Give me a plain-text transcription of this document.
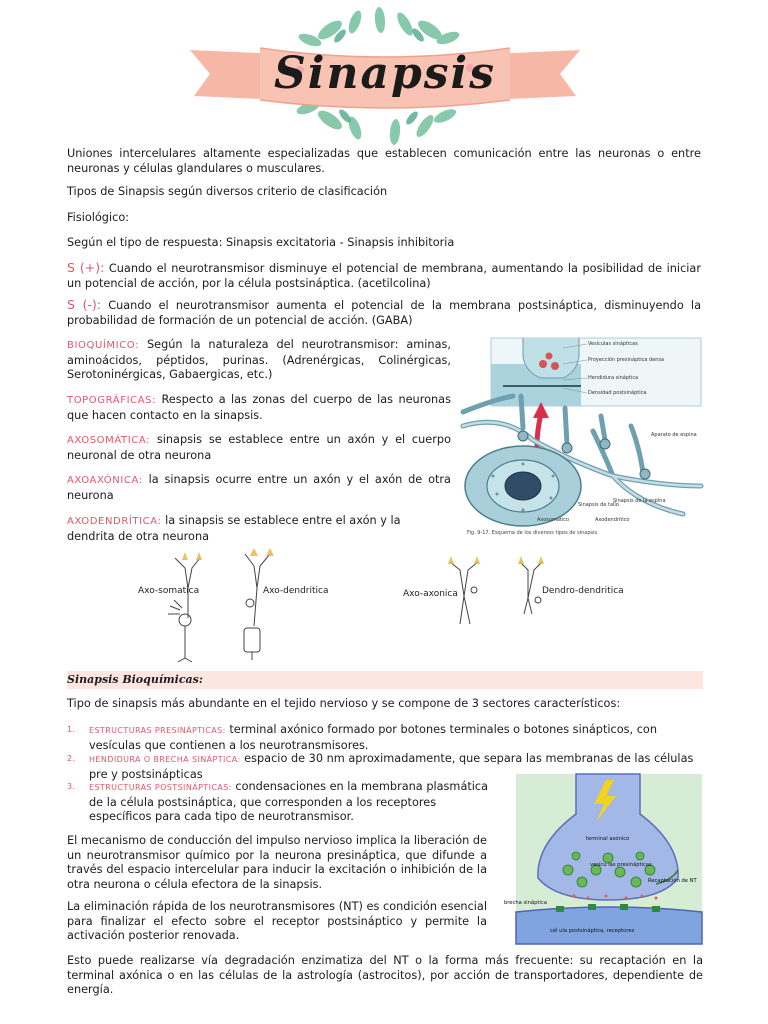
Sinapsis
Uniones intercelulares altamente especializadas que establecen comunicación entre las neuronas o entre neuronas y células glandulares o musculares.
Tipos de Sinapsis según diversos criterio de clasificación
Fisiológico:
Según el tipo de respuesta: Sinapsis excitatoria - Sinapsis inhibitoria
S (+): Cuando el neurotransmisor disminuye el potencial de membrana, aumentando la posibilidad de iniciar un potencial de acción, por la célula postsináptica. (acetilcolina)
S (-): Cuando el neurotransmisor aumenta el potencial de la membrana postsináptica, disminuyendo la probabilidad de formación de un potencial de acción. (GABA)
BIOQUÍMICO: Según la naturaleza del neurotransmisor: aminas, aminoácidos, péptidos, purinas. (Adrenérgicas, Colinérgicas, Serotoninérgicas, Gabaergicas, etc.)
TOPOGRÁFICAS: Respecto a las zonas del cuerpo de las neuronas que hacen contacto en la sinapsis.
AXOSOMÁTICA: sinapsis se establece entre un axón y el cuerpo neuronal de otra neurona
AXOAXÓNICA: la sinapsis ocurre entre un axón y el axón de otra neurona
AXODENDRÍTICA: la sinapsis se establece entre el axón y la dendrita de otra neurona
Vesículas sinápticas
Proyección presináptica densa
Hendidura sináptica
Densidad postsináptica
Aparato de espina
Sinapsis de tallo
Sinapsis de la espina
Axosomático	Axodendrítico
Fig. 9-17. Esquema de los diversos tipos de sinapsis.
Axo-somatica	Axo-dendritica	Axo-axonica	Dendro-dendritica
Sinapsis Bioquímicas:
Tipo de sinapsis más abundante en el tejido nervioso y se compone de 3 sectores característicos:
1. ESTRUCTURAS PRESINÁPTICAS: terminal axónico formado por botones terminales o botones sinápticos, con vesículas que contienen a los neurotransmisores.
2. HENDIDURA O BRECHA SINÁPTICA: espacio de 30 nm aproximadamente, que separa las membranas de las células pre y postsinápticas
3. ESTRUCTURAS POSTSINÁPTICAS: condensaciones en la membrana plasmática de la célula postsináptica, que corresponden a los receptores específicos para cada tipo de neurotransmisor.
El mecanismo de conducción del impulso nervioso implica la liberación de un neurotransmisor químico por la neurona presináptica, que difunde a través del espacio intercelular para inducir la excitación o inhibición de la otra neurona o célula efectora de la sinapsis.
La eliminación rápida de los neurotransmisores (NT) es condición esencial para finalizar el efecto sobre el receptor postsináptico y permite la activación posterior renovada.
Esto puede realizarse vía degradación enzimatiza del NT o la forma más frecuente: su recaptación en la terminal axónica o en las células de la astrología (astrocitos), por acción de transportadores, dependiente de energía.
terminal axónico
vesícu las presinápticas
Recaptación de NT
brecha sináptica
cél ula postsináptica, receptores
